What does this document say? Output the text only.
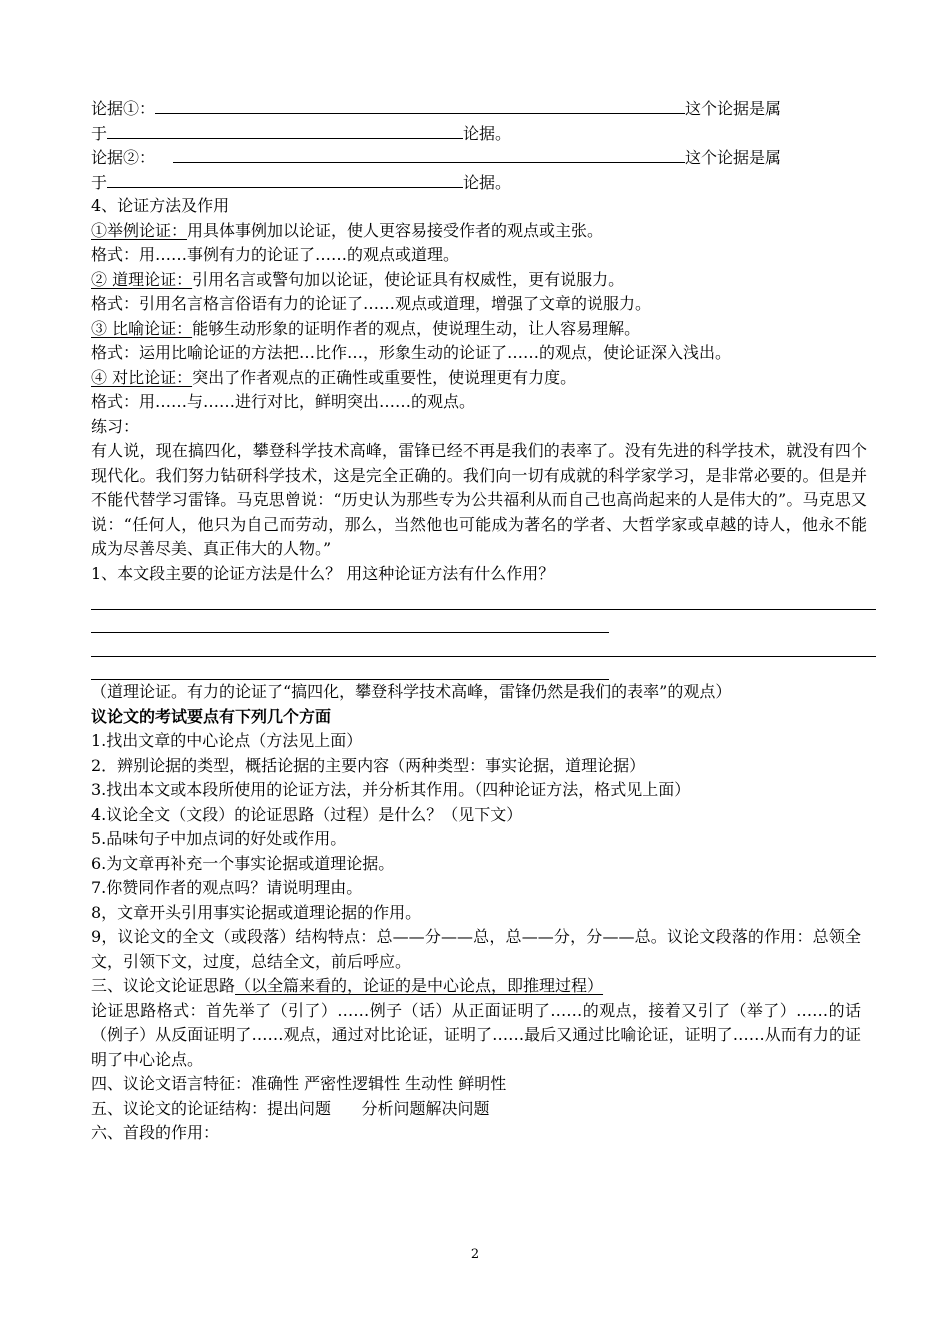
论据①：	这个论据是属
于	论据。
论据②：	这个论据是属
于	论据。
4、论证方法及作用
①举例论证：用具体事例加以论证，使人更容易接受作者的观点或主张。
格式：用……事例有力的论证了……的观点或道理。
② 道理论证：引用名言或警句加以论证，使论证具有权威性，更有说服力。
格式：引用名言格言俗语有力的论证了……观点或道理，增强了文章的说服力。
③ 比喻论证：能够生动形象的证明作者的观点，使说理生动，让人容易理解。
格式：运用比喻论证的方法把…比作…，形象生动的论证了……的观点，使论证深入浅出。
④ 对比论证：突出了作者观点的正确性或重要性，使说理更有力度。
格式：用……与……进行对比，鲜明突出……的观点。
练习：
有人说，现在搞四化，攀登科学技术高峰，雷锋已经不再是我们的表率了。没有先进的科学技术，就没有四个现代化。我们努力钻研科学技术，这是完全正确的。我们向一切有成就的科学家学习，是非常必要的。但是并不能代替学习雷锋。马克思曾说：“历史认为那些专为公共福利从而自己也高尚起来的人是伟大的”。马克思又说：“任何人，他只为自己而劳动，那么，当然他也可能成为著名的学者、大哲学家或卓越的诗人，他永不能成为尽善尽美、真正伟大的人物。”
1、本文段主要的论证方法是什么？ 用这种论证方法有什么作用？
（道理论证。有力的论证了“搞四化，攀登科学技术高峰，雷锋仍然是我们的表率”的观点）
议论文的考试要点有下列几个方面
1.找出文章的中心论点（方法见上面）
2．辨别论据的类型，概括论据的主要内容（两种类型：事实论据，道理论据）
3.找出本文或本段所使用的论证方法，并分析其作用。（四种论证方法，格式见上面）
4.议论全文（文段）的论证思路（过程）是什么？（见下文）
5.品味句子中加点词的好处或作用。
6.为文章再补充一个事实论据或道理论据。
7.你赞同作者的观点吗？请说明理由。
8，文章开头引用事实论据或道理论据的作用。
9，议论文的全文（或段落）结构特点：总——分——总，总——分，分——总。议论文段落的作用：总领全文，引领下文，过度，总结全文，前后呼应。
三、议论文论证思路（以全篇来看的，论证的是中心论点，即推理过程）
论证思路格式：首先举了（引了）……例子（话）从正面证明了……的观点，接着又引了（举了）……的话（例子）从反面证明了……观点，通过对比论证，证明了……最后又通过比喻论证，证明了……从而有力的证明了中心论点。
四、议论文语言特征：准确性 严密性逻辑性 生动性 鲜明性
五、议论文的论证结构：提出问题      分析问题解决问题
六、首段的作用：
2
